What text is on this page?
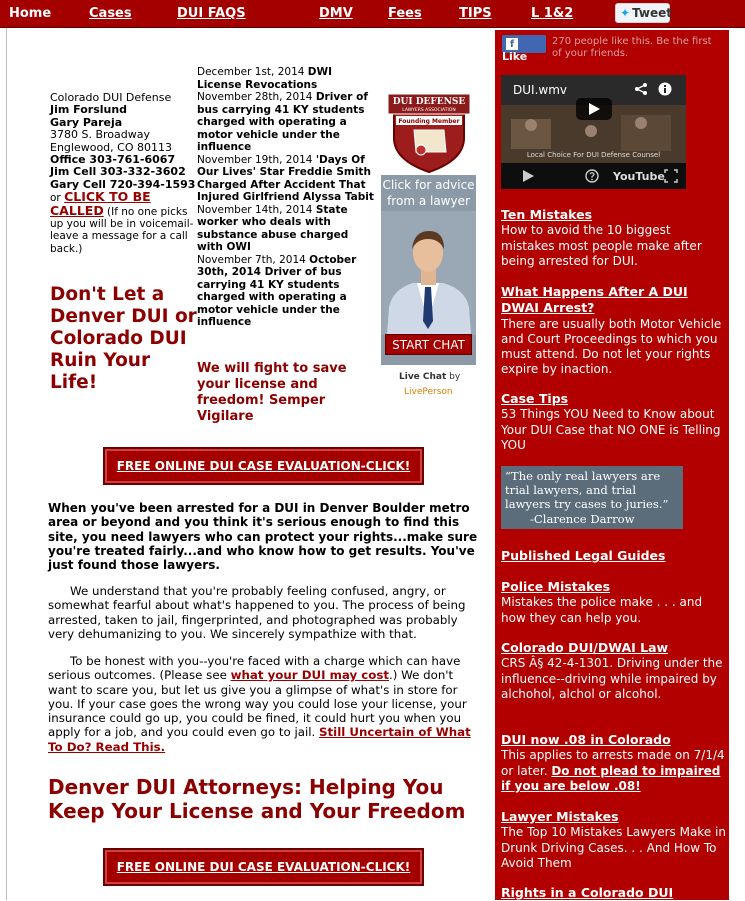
Home	Cases	DUI FAQS	DMV	Fees	TIPS	L 1&2	✦ Tweet
Colorado DUI Defense
Jim Forslund
Gary Pareja
3780 S. Broadway
Englewood, CO 80113
Office 303-761-6067
Jim Cell 303-332-3602
Gary Cell 720-394-1593
or CLICK TO BE CALLED (If no one picks up you will be in voicemail- leave a message for a call back.)

December 1st, 2014 DWI License Revocations

November 28th, 2014 Driver of bus carrying 41 KY students charged with operating a motor vehicle under the influence

November 19th, 2014 'Days Of Our Lives' Star Freddie Smith Charged After Accident That Injured Girlfriend Alyssa Tabit

November 14th, 2014 State worker who deals with substance abuse charged with OWI

November 7th, 2014 October 30th, 2014 Driver of bus carrying 41 KY students charged with operating a motor vehicle under the influence

DUI DEFENSE
LAWYERS ASSOCIATION
Founding Member
Click for advice from a lawyer
START CHAT
Live Chat by
LivePerson
Don't Let a Denver DUI or Colorado DUI Ruin Your Life!
We will fight to save your license and freedom! Semper Vigilare
FREE ONLINE DUI CASE EVALUATION-CLICK!
When you've been arrested for a DUI in Denver Boulder metro area or beyond and you think it's serious enough to find this site, you need lawyers who can protect your rights...make sure you're treated fairly...and who know how to get results. You've just found those lawyers.
We understand that you're probably feeling confused, angry, or somewhat fearful about what's happened to you. The process of being arrested, taken to jail, fingerprinted, and photographed was probably very dehumanizing to you. We sincerely sympathize with that.
To be honest with you--you're faced with a charge which can have serious outcomes. (Please see what your DUI may cost.) We don't want to scare you, but let us give you a glimpse of what's in store for you. If your case goes the wrong way you could lose your license, your insurance could go up, you could be fined, it could hurt you when you apply for a job, and you could even go to jail. Still Uncertain of What To Do? Read This.
Denver DUI Attorneys: Helping You Keep Your License and Your Freedom
FREE ONLINE DUI CASE EVALUATION-CLICK!
fLike
270 people like this. Be the first of your friends.
DUI.wmv
Local Choice For DUI Defense Counsel
YouTube
Ten Mistakes
How to avoid the 10 biggest mistakes most people make after being arrested for DUI.
What Happens After A DUI DWAI Arrest?
There are usually both Motor Vehicle and Court Proceedings to which you must attend. Do not let your rights expire by inaction.
Case Tips
53 Things YOU Need to Know about Your DUI Case that NO ONE is Telling YOU
“The only real lawyers are trial lawyers, and trial lawyers try cases to juries.”
-Clarence Darrow
Published Legal Guides
Police Mistakes
Mistakes the police make . . . and how they can help you.
Colorado DUI/DWAI Law
CRS Â§ 42-4-1301. Driving under the influence--driving while impaired by alchohol, alchol or alcohol.
DUI now .08 in Colorado
This applies to arrests made on 7/1/4 or later. Do not plead to impaired if you are below .08!
Lawyer Mistakes
The Top 10 Mistakes Lawyers Make in Drunk Driving Cases. . . And How To Avoid Them
Rights in a Colorado DUI
